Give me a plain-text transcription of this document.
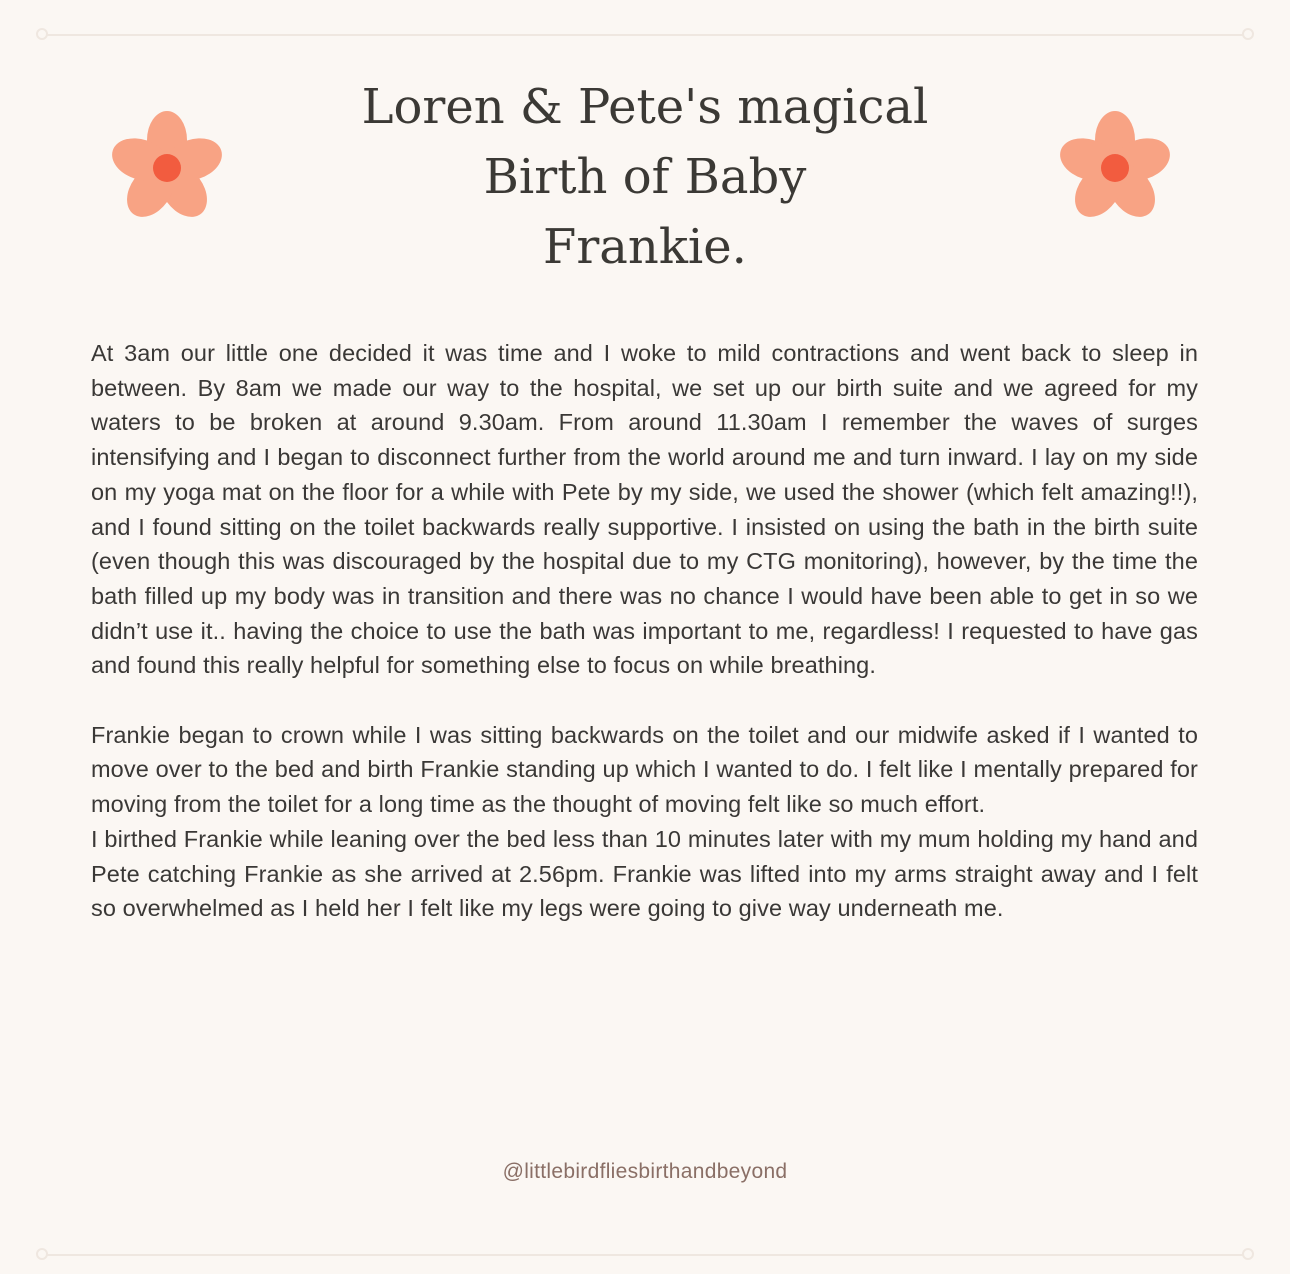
Loren & Pete's magical
Birth of Baby
Frankie.

At 3am our little one decided it was time and I woke to mild contractions and went back to sleep in between. By 8am we made our way to the hospital, we set up our birth suite and we agreed for my waters to be broken at around 9.30am. From around 11.30am I remember the waves of surges intensifying and I began to disconnect further from the world around me and turn inward. I lay on my side on my yoga mat on the floor for a while with Pete by my side, we used the shower (which felt amazing!!), and I found sitting on the toilet backwards really supportive. I insisted on using the bath in the birth suite (even though this was discouraged by the hospital due to my CTG monitoring), however, by the time the bath filled up my body was in transition and there was no chance I would have been able to get in so we didn’t use it.. having the choice to use the bath was important to me, regardless! I requested to have gas and found this really helpful for something else to focus on while breathing.

Frankie began to crown while I was sitting backwards on the toilet and our midwife asked if I wanted to move over to the bed and birth Frankie standing up which I wanted to do. I felt like I mentally prepared for moving from the toilet for a long time as the thought of moving felt like so much effort.

I birthed Frankie while leaning over the bed less than 10 minutes later with my mum holding my hand and Pete catching Frankie as she arrived at 2.56pm. Frankie was lifted into my arms straight away and I felt so overwhelmed as I held her I felt like my legs were going to give way underneath me.

@littlebirdfliesbirthandbeyond
